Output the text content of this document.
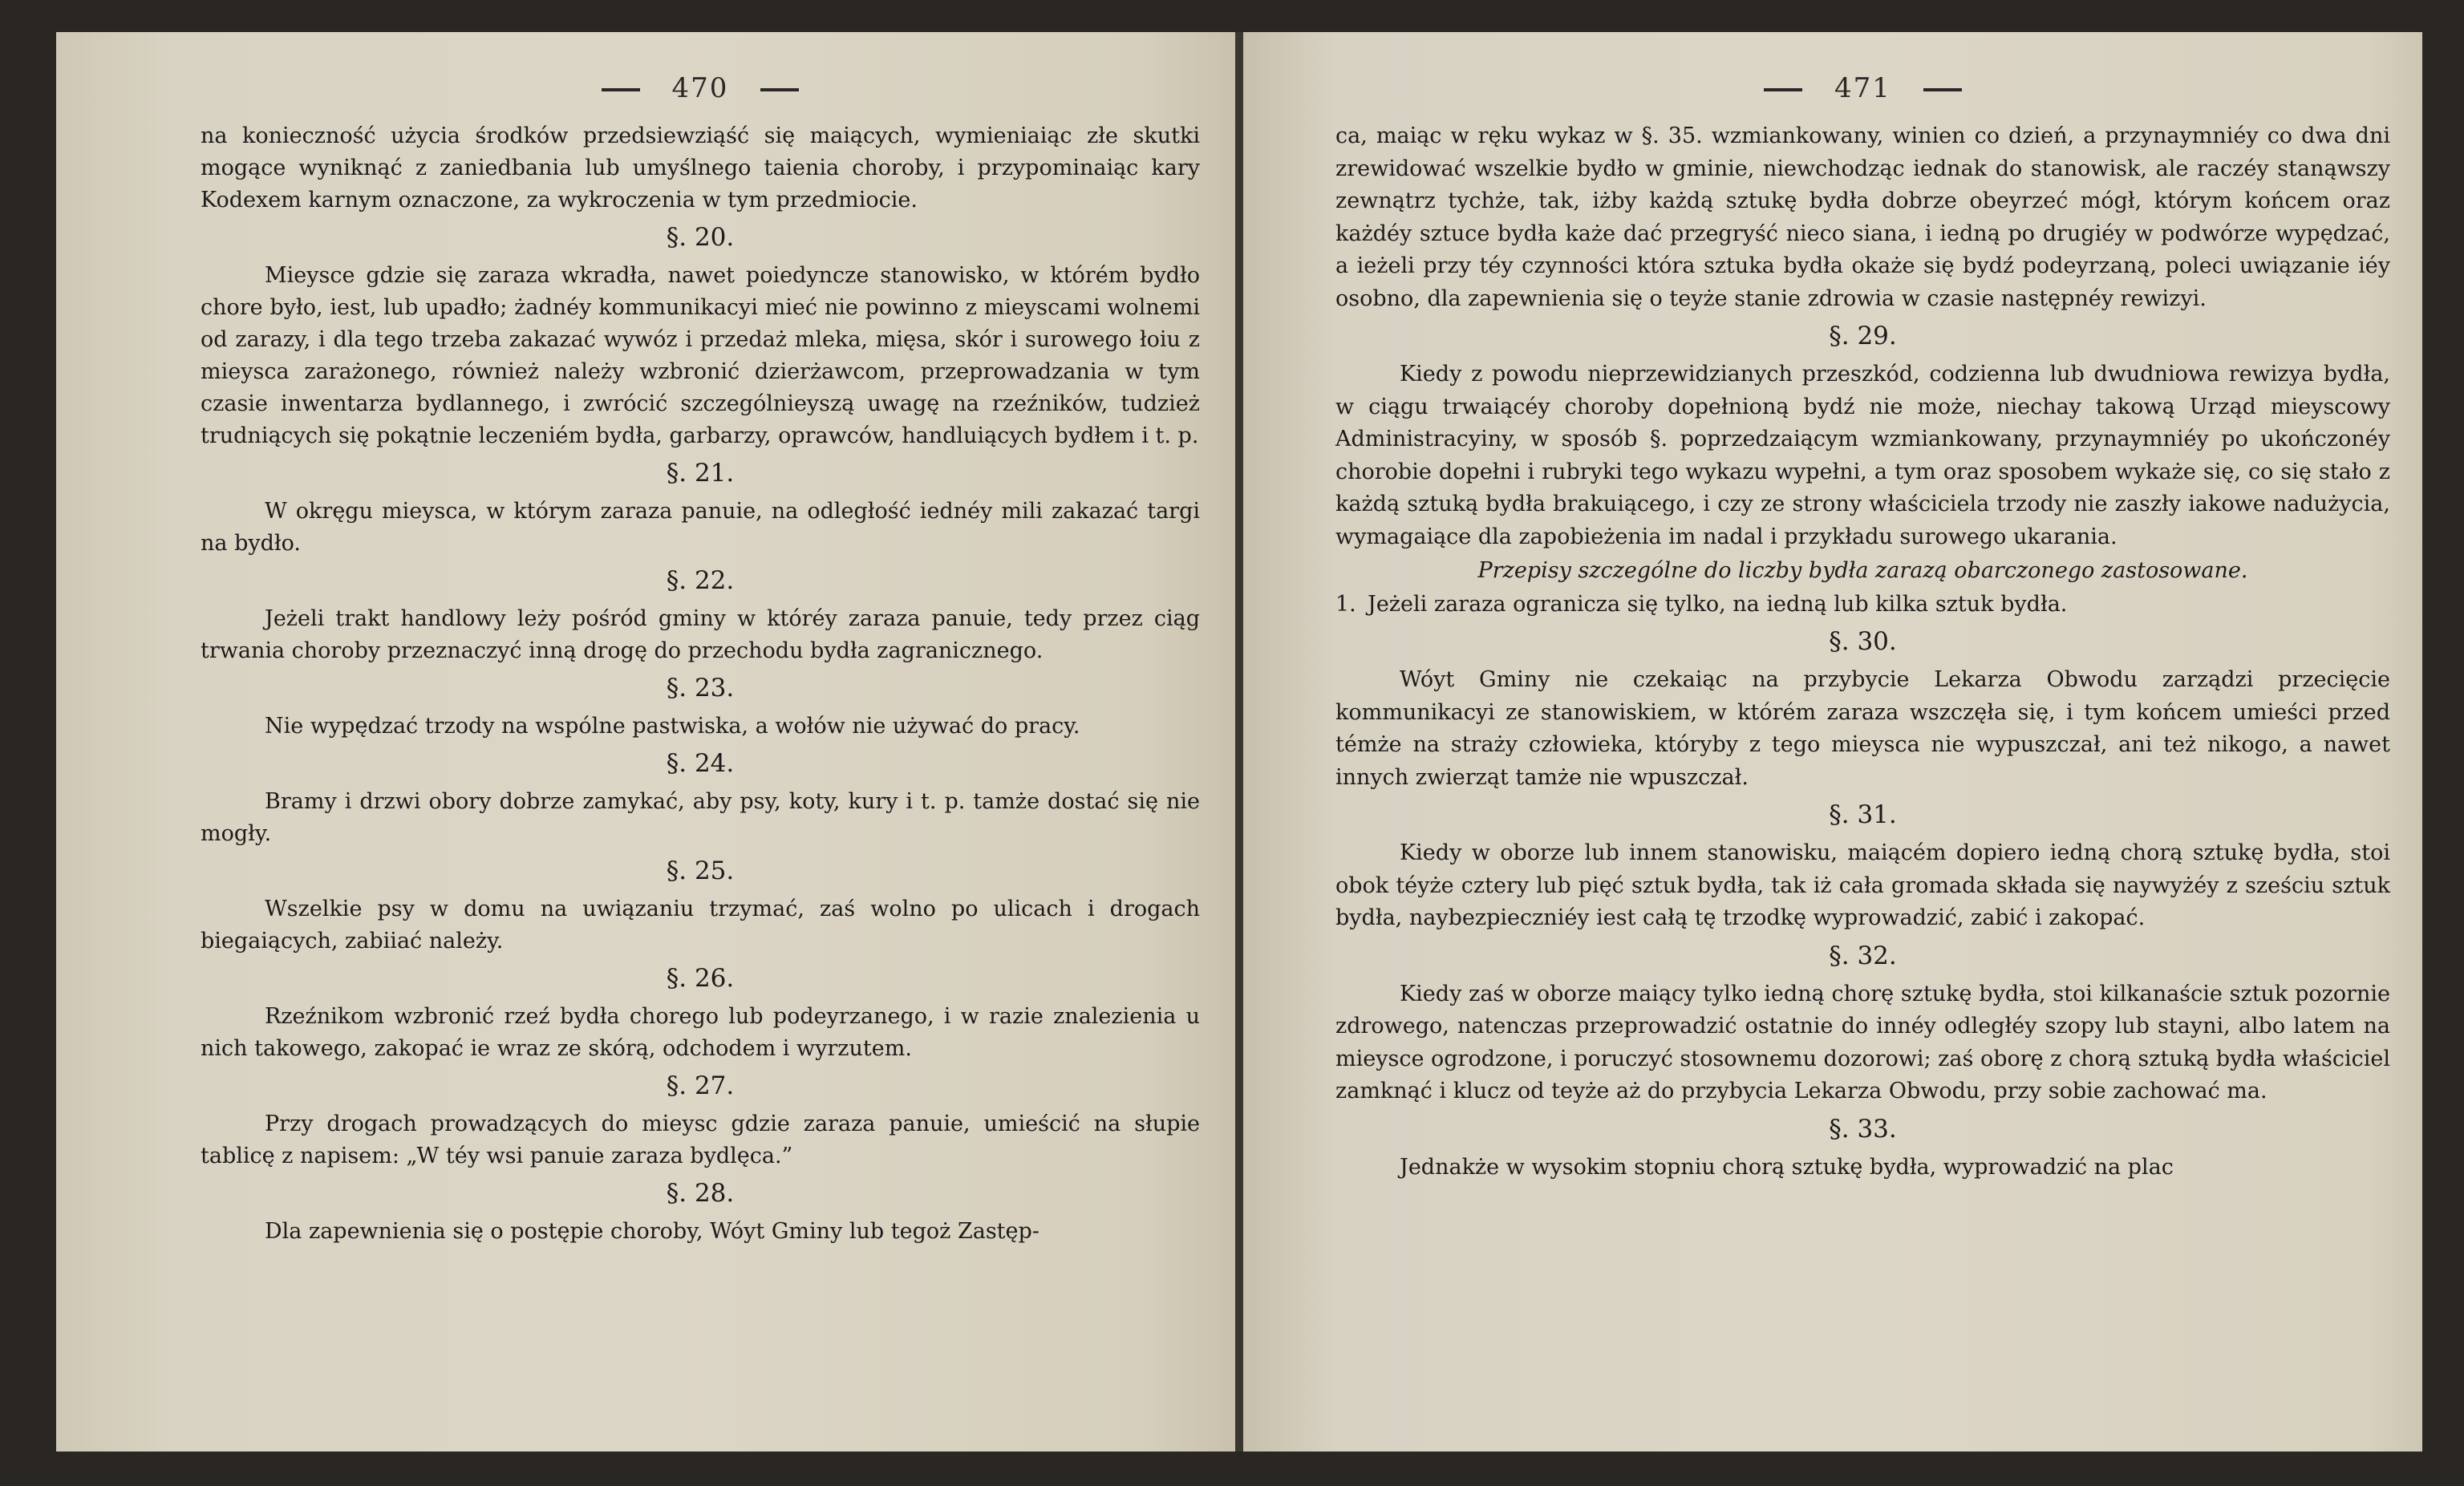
470

na konieczność użycia środków przedsiewziąść się maiących, wymieniaiąc złe skutki mogące wyniknąć z zaniedbania lub umyślnego taienia choroby, i przypominaiąc kary Kodexem karnym oznaczone, za wykroczenia w tym przedmiocie.

§. 20.

Mieysce gdzie się zaraza wkradła, nawet poiedyncze stanowisko, w którém bydło chore było, iest, lub upadło; żadnéy kommunikacyi mieć nie powinno z mieyscami wolnemi od zarazy, i dla tego trzeba zakazać wywóz i przedaż mleka, mięsa, skór i surowego łoiu z mieysca zarażonego, również należy wzbronić dzierżawcom, przeprowadzania w tym czasie inwentarza bydlannego, i zwrócić szczególnieyszą uwagę na rzeźników, tudzież trudniących się pokątnie leczeniém bydła, garbarzy, oprawców, handluiących bydłem i t. p.

§. 21.

W okręgu mieysca, w którym zaraza panuie, na odległość iednéy mili zakazać targi na bydło.

§. 22.

Jeżeli trakt handlowy leży pośród gminy w któréy zaraza panuie, tedy przez ciąg trwania choroby przeznaczyć inną drogę do przechodu bydła zagranicznego.

§. 23.

Nie wypędzać trzody na wspólne pastwiska, a wołów nie używać do pracy.

§. 24.

Bramy i drzwi obory dobrze zamykać, aby psy, koty, kury i t. p. tamże dostać się nie mogły.

§. 25.

Wszelkie psy w domu na uwiązaniu trzymać, zaś wolno po ulicach i drogach biegaiących, zabiiać należy.

§. 26.

Rzeźnikom wzbronić rzeź bydła chorego lub podeyrzanego, i w razie znalezienia u nich takowego, zakopać ie wraz ze skórą, odchodem i wyrzutem.

§. 27.

Przy drogach prowadzących do mieysc gdzie zaraza panuie, umieścić na słupie tablicę z napisem: „W téy wsi panuie zaraza bydlęca.”

§. 28.

Dla zapewnienia się o postępie choroby, Wóyt Gminy lub tegoż Zastęp-

471

ca, maiąc w ręku wykaz w §. 35. wzmiankowany, winien co dzień, a przynaymniéy co dwa dni zrewidować wszelkie bydło w gminie, niewchodząc iednak do stanowisk, ale raczéy stanąwszy zewnątrz tychże, tak, iżby każdą sztukę bydła dobrze obeyrzeć mógł, którym końcem oraz każdéy sztuce bydła każe dać przegryść nieco siana, i iedną po drugiéy w podwórze wypędzać, a ieżeli przy téy czynności która sztuka bydła okaże się bydź podeyrzaną, poleci uwiązanie iéy osobno, dla zapewnienia się o teyże stanie zdrowia w czasie następnéy rewizyi.

§. 29.

Kiedy z powodu nieprzewidzianych przeszkód, codzienna lub dwudniowa rewizya bydła, w ciągu trwaiącéy choroby dopełnioną bydź nie może, niechay takową Urząd mieyscowy Administracyiny, w sposób §. poprzedzaiącym wzmiankowany, przynaymniéy po ukończonéy chorobie dopełni i rubryki tego wykazu wypełni, a tym oraz sposobem wykaże się, co się stało z każdą sztuką bydła brakuiącego, i czy ze strony właściciela trzody nie zaszły iakowe nadużycia, wymagaiące dla zapobieżenia im nadal i przykładu surowego ukarania.

Przepisy szczególne do liczby bydła zarazą obarczonego zastosowane.

1. Jeżeli zaraza ogranicza się tylko, na iedną lub kilka sztuk bydła.

§. 30.

Wóyt Gminy nie czekaiąc na przybycie Lekarza Obwodu zarządzi przecięcie kommunikacyi ze stanowiskiem, w którém zaraza wszczęła się, i tym końcem umieści przed témże na straży człowieka, któryby z tego mieysca nie wypuszczał, ani też nikogo, a nawet innych zwierząt tamże nie wpuszczał.

§. 31.

Kiedy w oborze lub innem stanowisku, maiącém dopiero iedną chorą sztukę bydła, stoi obok téyże cztery lub pięć sztuk bydła, tak iż cała gromada składa się naywyżéy z sześciu sztuk bydła, naybezpieczniéy iest całą tę trzodkę wyprowadzić, zabić i zakopać.

§. 32.

Kiedy zaś w oborze maiący tylko iedną chorę sztukę bydła, stoi kilkanaście sztuk pozornie zdrowego, natenczas przeprowadzić ostatnie do innéy odległéy szopy lub stayni, albo latem na mieysce ogrodzone, i poruczyć stosownemu dozorowi; zaś oborę z chorą sztuką bydła właściciel zamknąć i klucz od teyże aż do przybycia Lekarza Obwodu, przy sobie zachować ma.

§. 33.

Jednakże w wysokim stopniu chorą sztukę bydła, wyprowadzić na plac
